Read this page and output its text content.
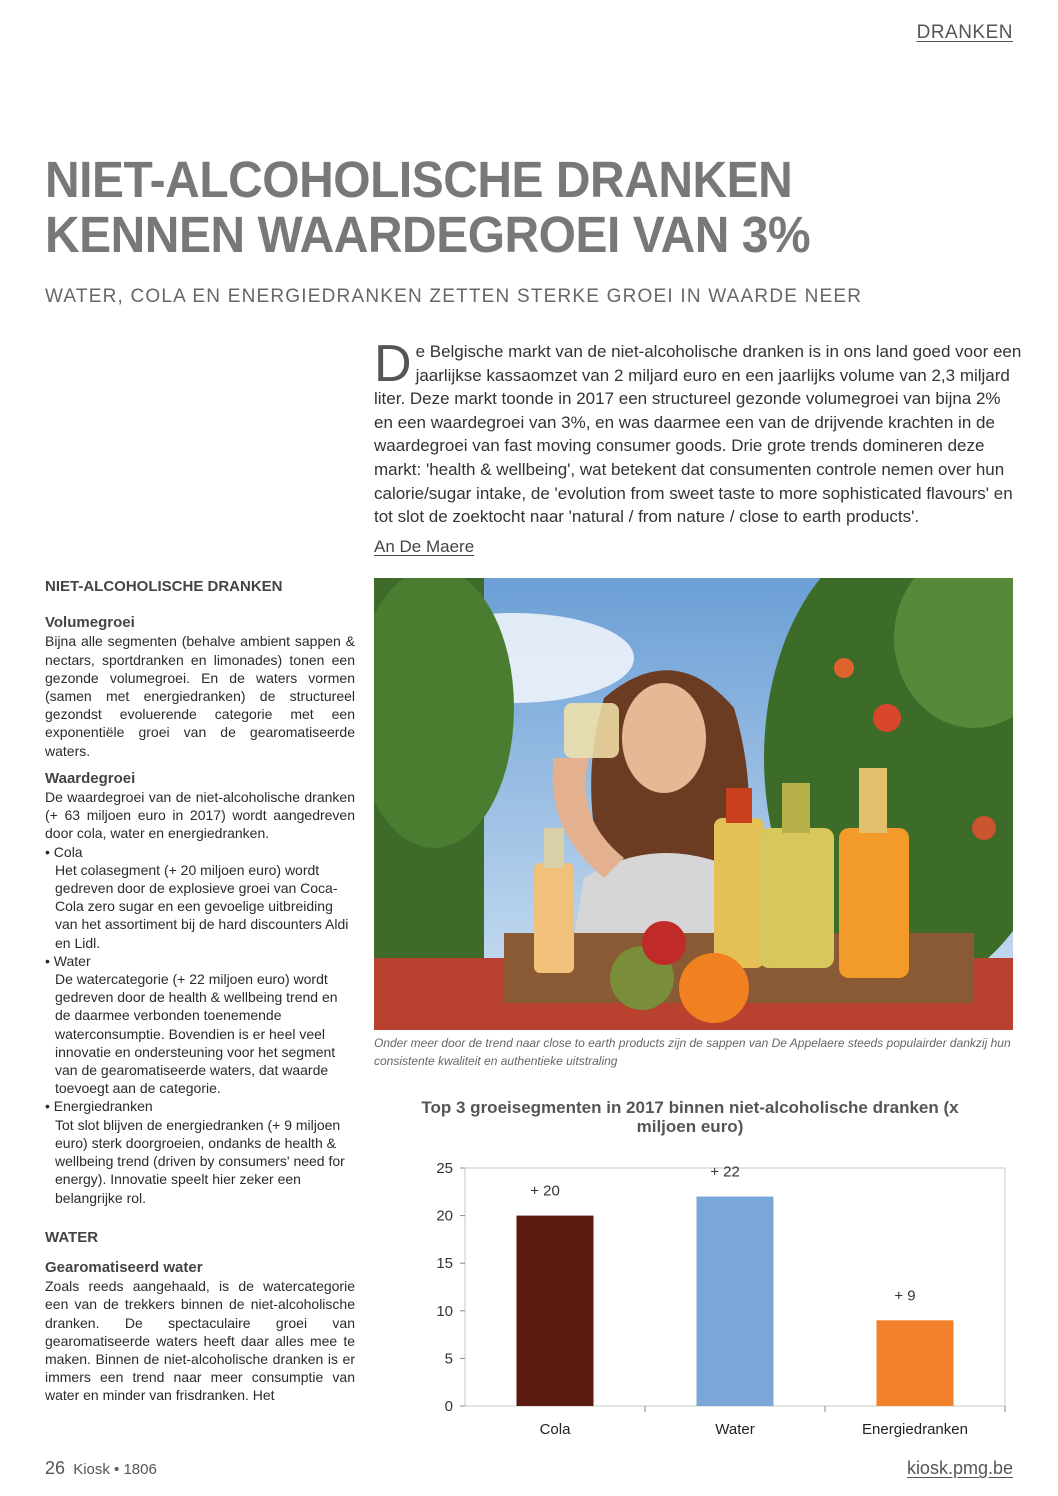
DRANKEN
NIET-ALCOHOLISCHE DRANKEN
KENNEN WAARDEGROEI VAN 3%
WATER, COLA EN ENERGIEDRANKEN ZETTEN STERKE GROEI IN WAARDE NEER
De Belgische markt van de niet-alcoholische dranken is in ons land goed voor een jaarlijkse kassaomzet van 2 miljard euro en een jaarlijks volume van 2,3 miljard liter. Deze markt toonde in 2017 een structureel gezonde volumegroei van bijna 2% en een waardegroei van 3%, en was daarmee een van de drijvende krachten in de waardegroei van fast moving consumer goods. Drie grote trends domineren deze markt: 'health & wellbeing', wat betekent dat consumenten controle nemen over hun calorie/sugar intake, de 'evolution from sweet taste to more sophisticated flavours' en tot slot de zoektocht naar 'natural / from nature / close to earth products'.
An De Maere
NIET-ALCOHOLISCHE DRANKEN
Volumegroei

Bijna alle segmenten (behalve ambient sappen & nectars, sportdranken en limonades) tonen een gezonde volumegroei. En de waters vormen (samen met energiedranken) de structureel gezondst evoluerende categorie met een exponentiële groei van de gearomatiseerde waters.

Waardegroei

De waardegroei van de niet-alcoholische dranken (+ 63 miljoen euro in 2017) wordt aangedreven door cola, water en energiedranken.

• Cola
Het colasegment (+ 20 miljoen euro) wordt gedreven door de explosieve groei van Coca-Cola zero sugar en een gevoelige uitbreiding van het assortiment bij de hard discounters Aldi en Lidl.
• Water
De watercategorie (+ 22 miljoen euro) wordt gedreven door de health & wellbeing trend en de daarmee verbonden toenemende waterconsumptie. Bovendien is er heel veel innovatie en ondersteuning voor het segment van de gearomatiseerde waters, dat waarde toevoegt aan de categorie.
• Energiedranken
Tot slot blijven de energiedranken (+ 9 miljoen euro) sterk doorgroeien, ondanks de health & wellbeing trend (driven by consumers' need for energy). Innovatie speelt hier zeker een belangrijke rol.
WATER
Gearomatiseerd water

Zoals reeds aangehaald, is de watercategorie een van de trekkers binnen de niet-alcoholische dranken. De spectaculaire groei van gearomatiseerde waters heeft daar alles mee te maken. Binnen de niet-alcoholische dranken is er immers een trend naar meer consumptie van water en minder van frisdranken. Het

Onder meer door de trend naar close to earth products zijn de sappen van De Appelaere steeds populairder dankzij hun consistente kwaliteit en authentieke uitstraling
Top 3 groeisegmenten in 2017 binnen niet-alcoholische dranken (x miljoen euro)
0
5
10
15
20
25
+ 20
Cola
+ 22
Water
+ 9
Energiedranken
26 Kiosk • 1806	kiosk.pmg.be
